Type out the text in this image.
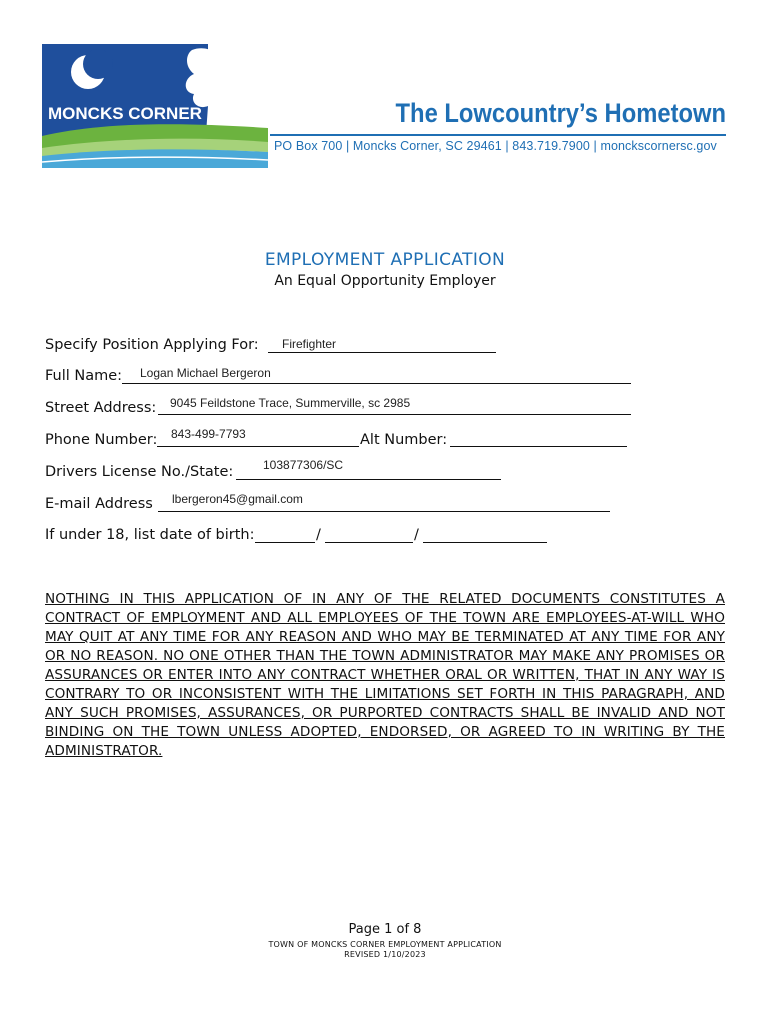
MONCKS CORNER	The Lowcountry’s Hometown
PO Box 700 | Moncks Corner, SC 29461 | 843.719.7900 | monckscornersc.gov
EMPLOYMENT APPLICATION
An Equal Opportunity Employer
Specify Position Applying For: Firefighter
Full Name: Logan Michael Bergeron
Street Address: 9045 Feildstone Trace, Summerville, sc 2985
Phone Number: 843-499-7793	Alt Number:
Drivers License No./State: 103877306/SC
E-mail Address lbergeron45@gmail.com
If under 18, list date of birth:	/	/
NOTHING IN THIS APPLICATION OF IN ANY OF THE RELATED DOCUMENTS CONSTITUTES A CONTRACT OF EMPLOYMENT AND ALL EMPLOYEES OF THE TOWN ARE EMPLOYEES-AT-WILL WHO MAY QUIT AT ANY TIME FOR ANY REASON AND WHO MAY BE TERMINATED AT ANY TIME FOR ANY OR NO REASON. NO ONE OTHER THAN THE TOWN ADMINISTRATOR MAY MAKE ANY PROMISES OR ASSURANCES OR ENTER INTO ANY CONTRACT WHETHER ORAL OR WRITTEN, THAT IN ANY WAY IS CONTRARY TO OR INCONSISTENT WITH THE LIMITATIONS SET FORTH IN THIS PARAGRAPH, AND ANY SUCH PROMISES, ASSURANCES, OR PURPORTED CONTRACTS SHALL BE INVALID AND NOT BINDING ON THE TOWN UNLESS ADOPTED, ENDORSED, OR AGREED TO IN WRITING BY THE ADMINISTRATOR.
Page 1 of 8
TOWN OF MONCKS CORNER EMPLOYMENT APPLICATION
REVISED 1/10/2023
